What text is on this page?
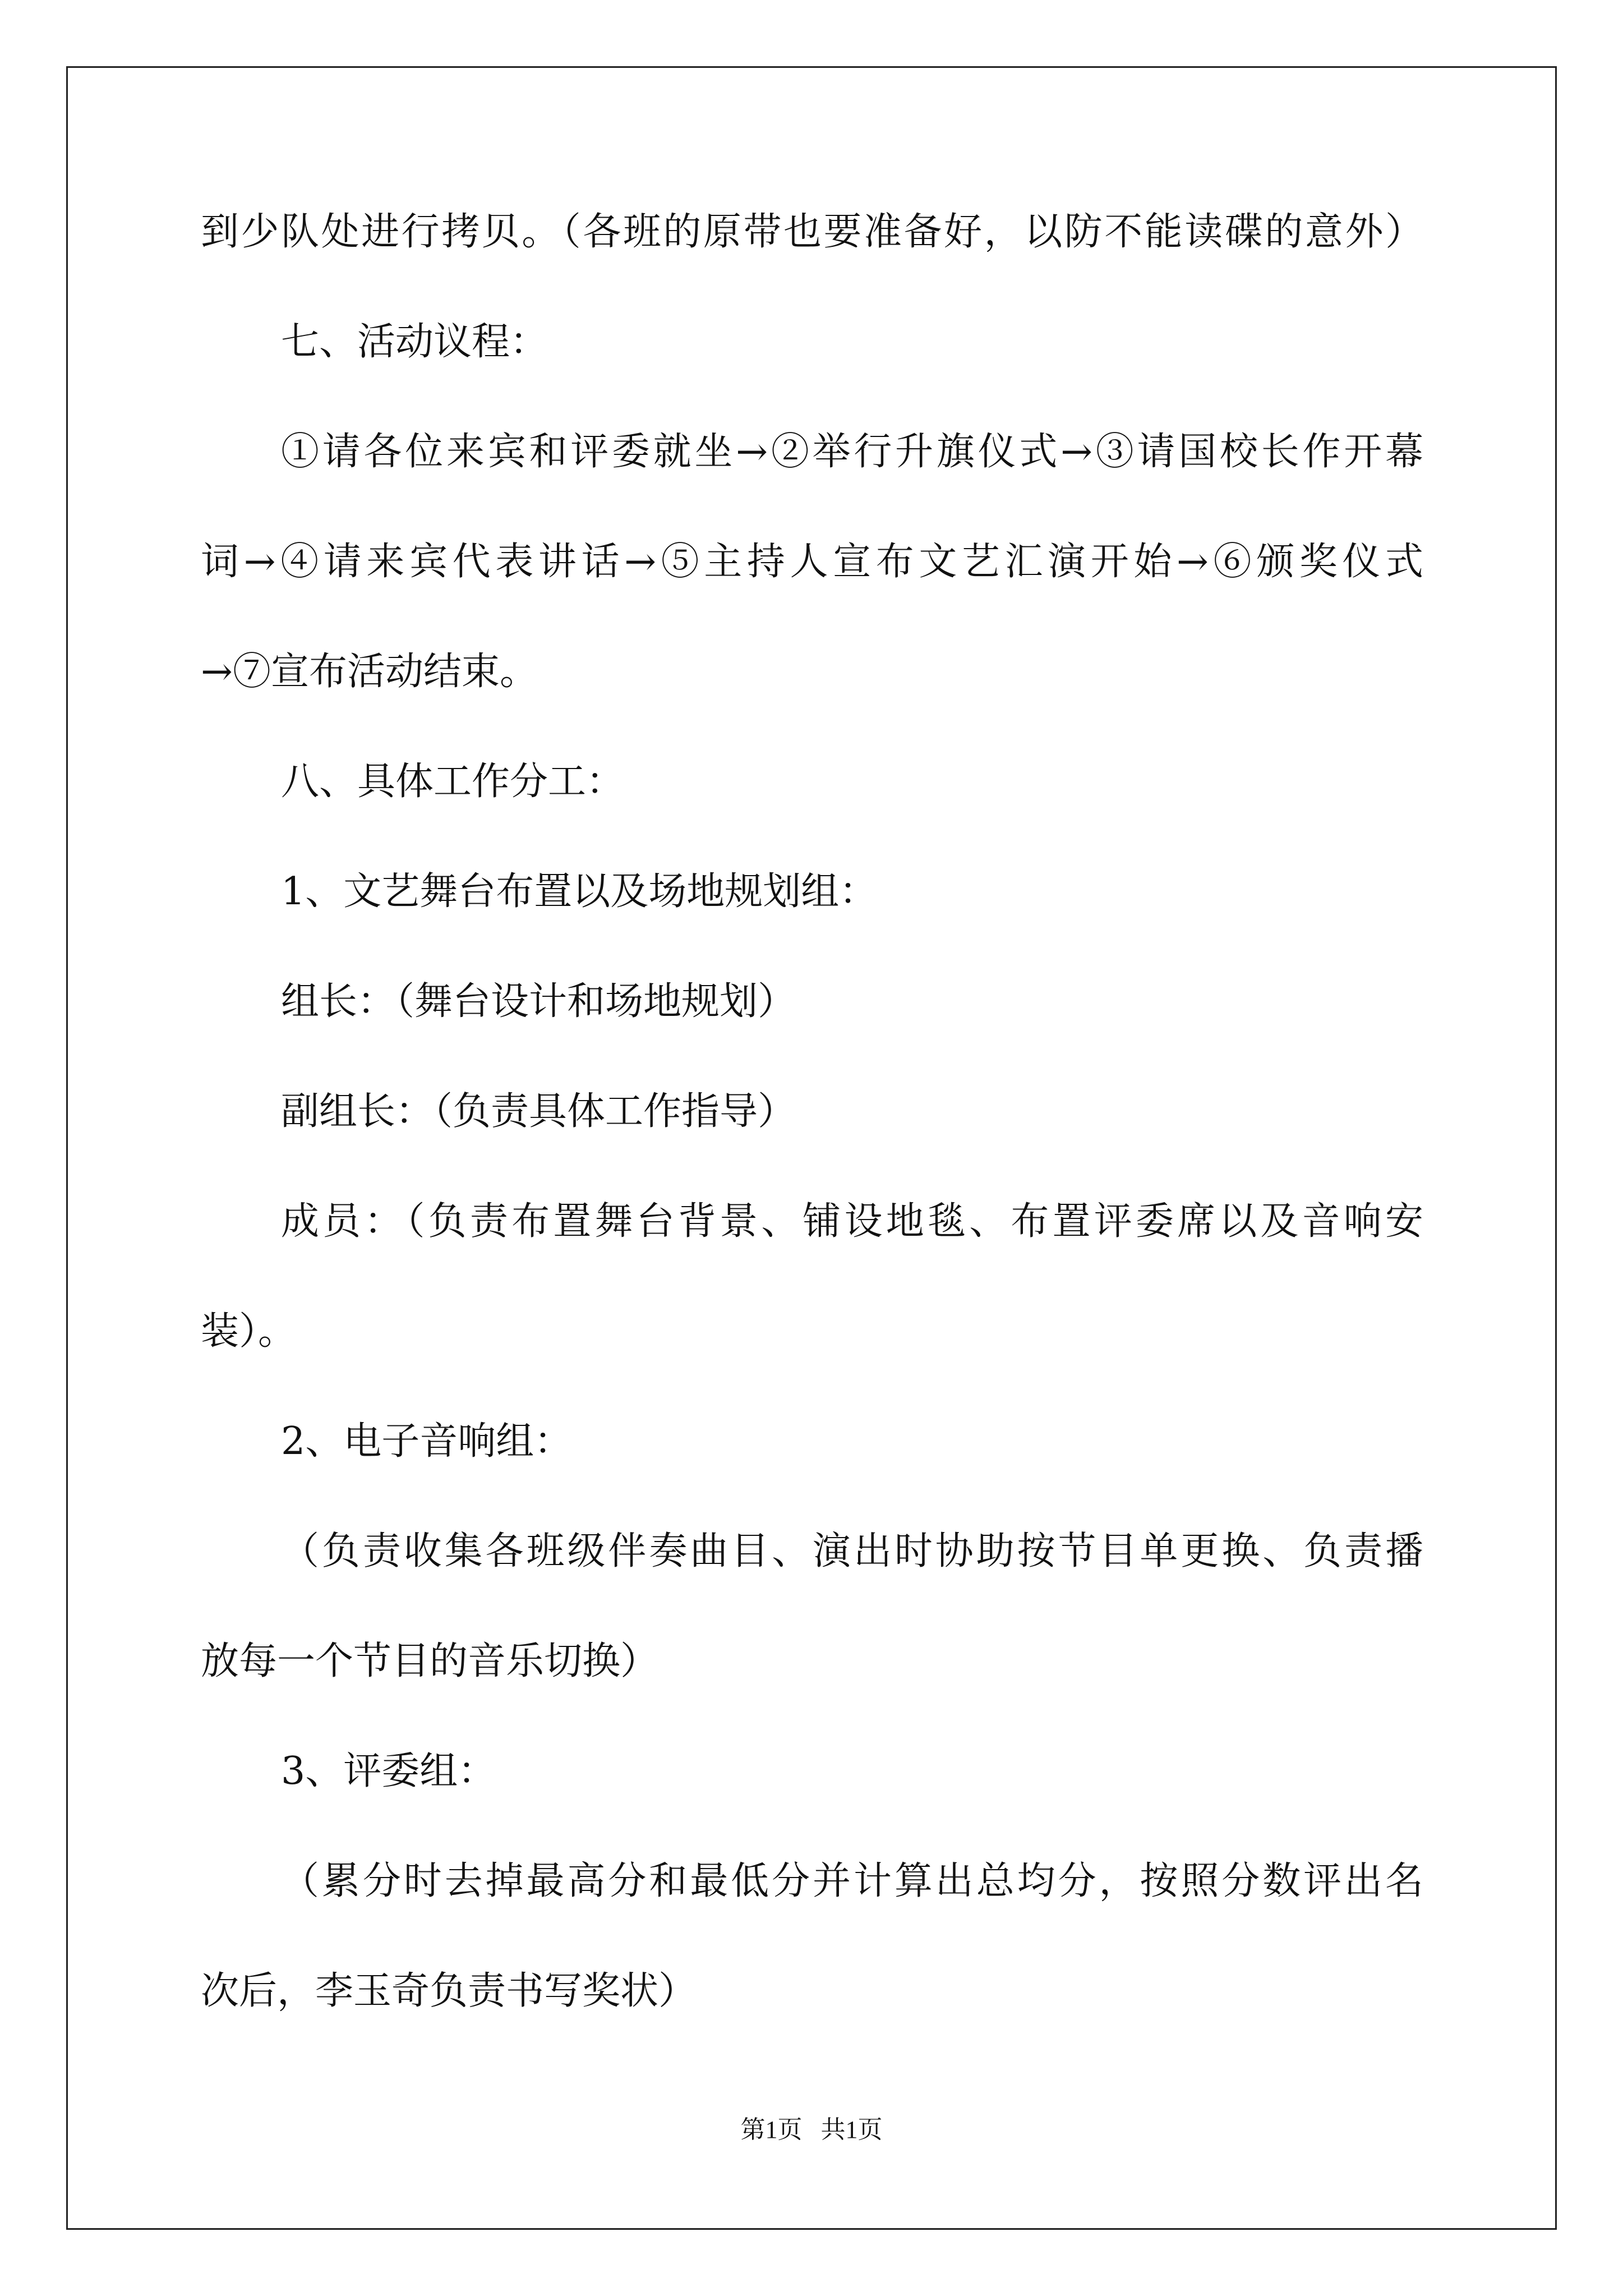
到少队处进行拷贝。（各班的原带也要准备好，以防不能读碟的意外）
七、活动议程：
①请各位来宾和评委就坐→②举行升旗仪式→③请国校长作开幕
词→④请来宾代表讲话→⑤主持人宣布文艺汇演开始→⑥颁奖仪式
→⑦宣布活动结束。
八、具体工作分工：
1、文艺舞台布置以及场地规划组：
组长：（舞台设计和场地规划）
副组长：（负责具体工作指导）
成员：（负责布置舞台背景、铺设地毯、布置评委席以及音响安
装）。
2、电子音响组：
（负责收集各班级伴奏曲目、演出时协助按节目单更换、负责播
放每一个节目的音乐切换）
3、评委组：
（累分时去掉最高分和最低分并计算出总均分，按照分数评出名
次后，李玉奇负责书写奖状）
第1页   共1页
